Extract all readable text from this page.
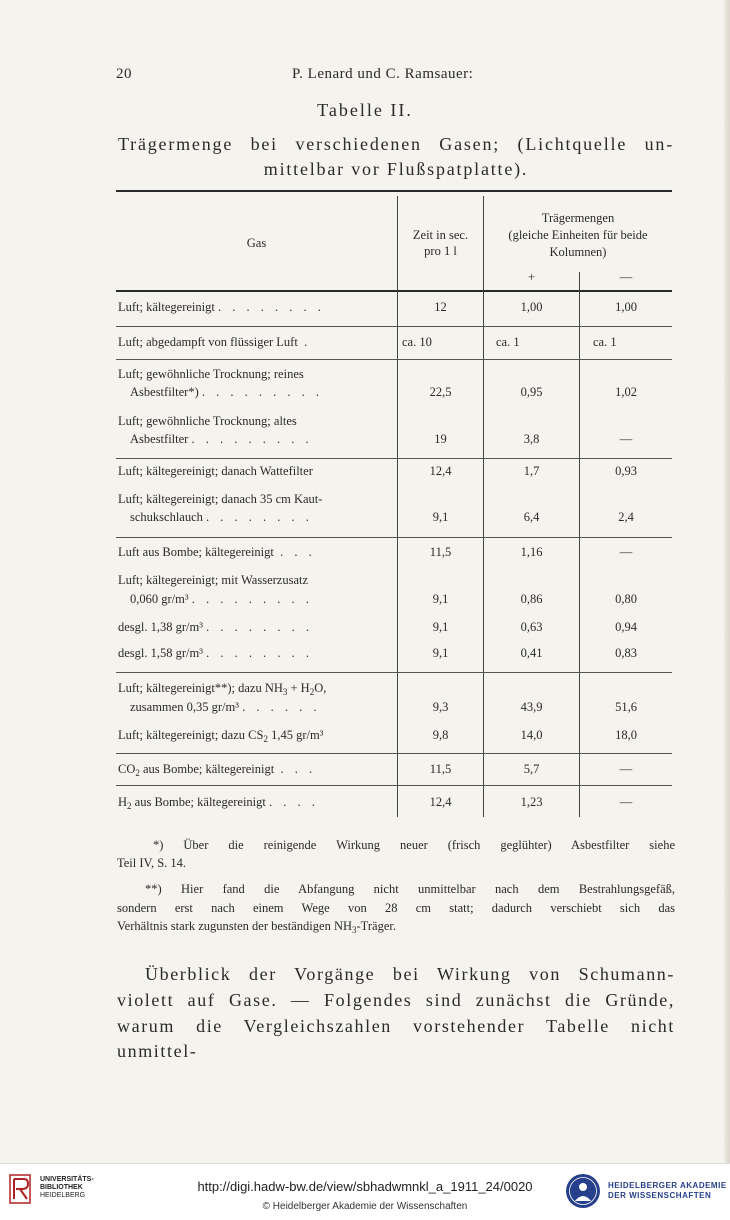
20	P. Lenard und C. Ramsauer:
Tabelle II.
Trägermenge bei verschiedenen Gasen; (Lichtquelle un-
mittelbar vor Flußspatplatte).
Gas
Zeit in sec.
pro 1 l
Trägermengen
(gleiche Einheiten für beide
Kolumnen)
+	—
Luft; kältegereinigt . . . . . . . .	12	1,00	1,00
Luft; abgedampft von flüssiger Luft .	ca. 10	ca. 1	ca. 1
Luft; gewöhnliche Trocknung; reines
Asbestfilter*) . . . . . . . . .	22,5	0,95	1,02
Luft; gewöhnliche Trocknung; altes
Asbestfilter . . . . . . . . .	19	3,8	—
Luft; kältegereinigt; danach Wattefilter	12,4	1,7	0,93
Luft; kältegereinigt; danach 35 cm Kaut-
schukschlauch . . . . . . . .	9,1	6,4	2,4
Luft aus Bombe; kältegereinigt . . .	11,5	1,16	—
Luft; kältegereinigt; mit Wasserzusatz
0,060 gr/m³ . . . . . . . . .	9,1	0,86	0,80
desgl. 1,38 gr/m³ . . . . . . . .	9,1	0,63	0,94
desgl. 1,58 gr/m³ . . . . . . . .	9,1	0,41	0,83
Luft; kältegereinigt**); dazu $NH_3 + H_2O$,
zusammen 0,35 gr/m³ . . . . . .	9,3	43,9	51,6
Luft; kältegereinigt; dazu $CS_2$ 1,45 gr/m³	9,8	14,0	18,0
$CO_2$ aus Bombe; kältegereinigt . . .	11,5	5,7	—
$H_2$ aus Bombe; kältegereinigt . . . .	12,4	1,23	—
*) Über die reinigende Wirkung neuer (frisch geglühter) Asbestfilter siehe
Teil IV, S. 14.
**) Hier fand die Abfangung nicht unmittelbar nach dem Bestrahlungsgefäß,
sondern erst nach einem Wege von 28 cm statt; dadurch verschiebt sich das
Verhältnis stark zugunsten der beständigen $NH_3$-Träger.
Überblick der Vorgänge bei Wirkung von Schumann-
violett auf Gase. — Folgendes sind zunächst die Gründe,
warum die Vergleichszahlen vorstehender Tabelle nicht unmittel-
UNIVERSITÄTS-
BIBLIOTHEK
HEIDELBERG
http://digi.hadw-bw.de/view/sbhadwmnkl_a_1911_24/0020
© Heidelberger Akademie der Wissenschaften
HEIDELBERGER AKADEMIE
DER WISSENSCHAFTEN
